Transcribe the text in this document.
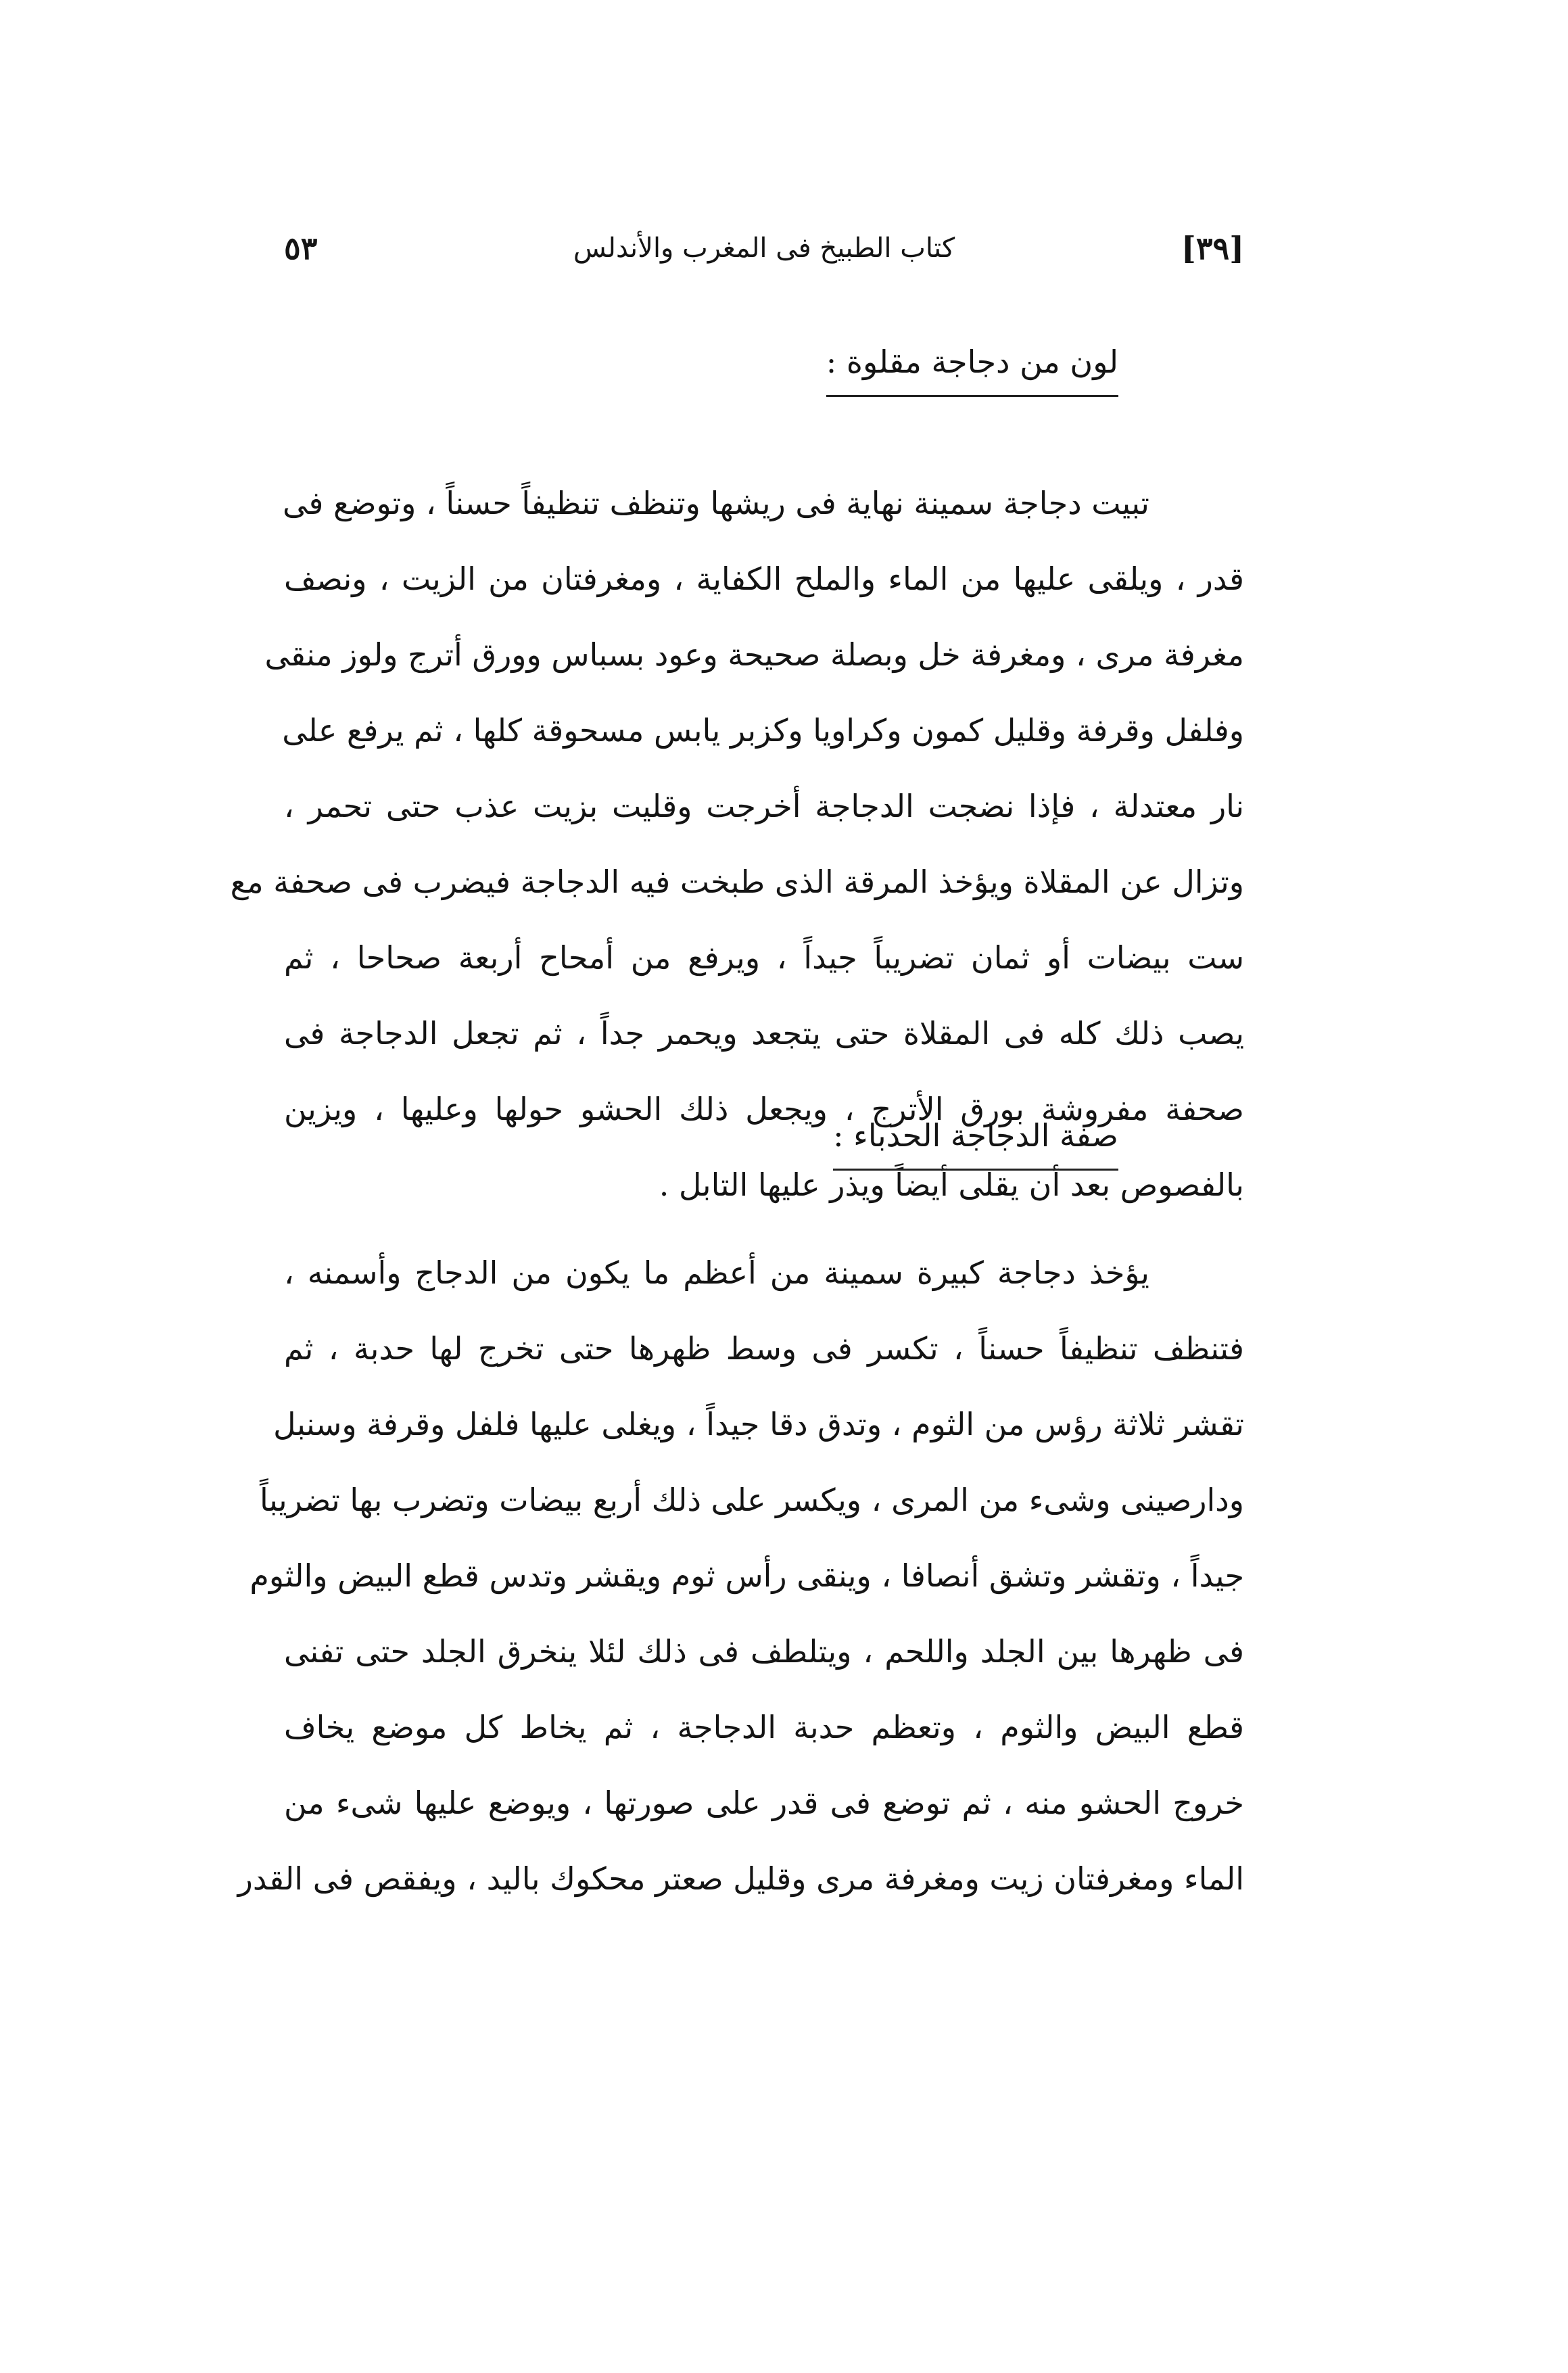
[٣٩]
كتاب الطبيخ فى المغرب والأندلس
٥٣
لون من دجاجة مقلوة :
تبيت دجاجة سمينة نهاية فى ريشها وتنظف تنظيفاً حسناً ، وتوضع فى
قدر ، ويلقى عليها من الماء والملح الكفاية ، ومغرفتان من الزيت ، ونصف
مغرفة مرى ، ومغرفة خل وبصلة صحيحة وعود بسباس وورق أترج ولوز منقى
وفلفل وقرفة وقليل كمون وكراويا وكزبر يابس مسحوقة كلها ، ثم يرفع على
نار معتدلة ، فإذا نضجت الدجاجة أخرجت وقليت بزيت عذب حتى تحمر ،
وتزال عن المقلاة ويؤخذ المرقة الذى طبخت فيه الدجاجة فيضرب فى صحفة مع
ست بيضات أو ثمان تضريباً جيداً ، ويرفع من أمحاح أربعة صحاحا ، ثم
يصب ذلك كله فى المقلاة حتى يتجعد ويحمر جداً ، ثم تجعل الدجاجة فى
صحفة مفروشة بورق الأترج ، ويجعل ذلك الحشو حولها وعليها ، ويزين
بالفصوص بعد أن يقلى أيضاً ويذر عليها التابل .
صفة الدجاجة الحدباء :
يؤخذ دجاجة كبيرة سمينة من أعظم ما يكون من الدجاج وأسمنه ،
فتنظف تنظيفاً حسناً ، تكسر فى وسط ظهرها حتى تخرج لها حدبة ، ثم
تقشر ثلاثة رؤس من الثوم ، وتدق دقا جيداً ، ويغلى عليها فلفل وقرفة وسنبل
ودارصينى وشىء من المرى ، ويكسر على ذلك أربع بيضات وتضرب بها تضريباً
جيداً ، وتقشر وتشق أنصافا ، وينقى رأس ثوم ويقشر وتدس قطع البيض والثوم
فى ظهرها بين الجلد واللحم ، ويتلطف فى ذلك لئلا ينخرق الجلد حتى تفنى
قطع البيض والثوم ، وتعظم حدبة الدجاجة ، ثم يخاط كل موضع يخاف
خروج الحشو منه ، ثم توضع فى قدر على صورتها ، ويوضع عليها شىء من
الماء ومغرفتان زيت ومغرفة مرى وقليل صعتر محكوك باليد ، ويفقص فى القدر
